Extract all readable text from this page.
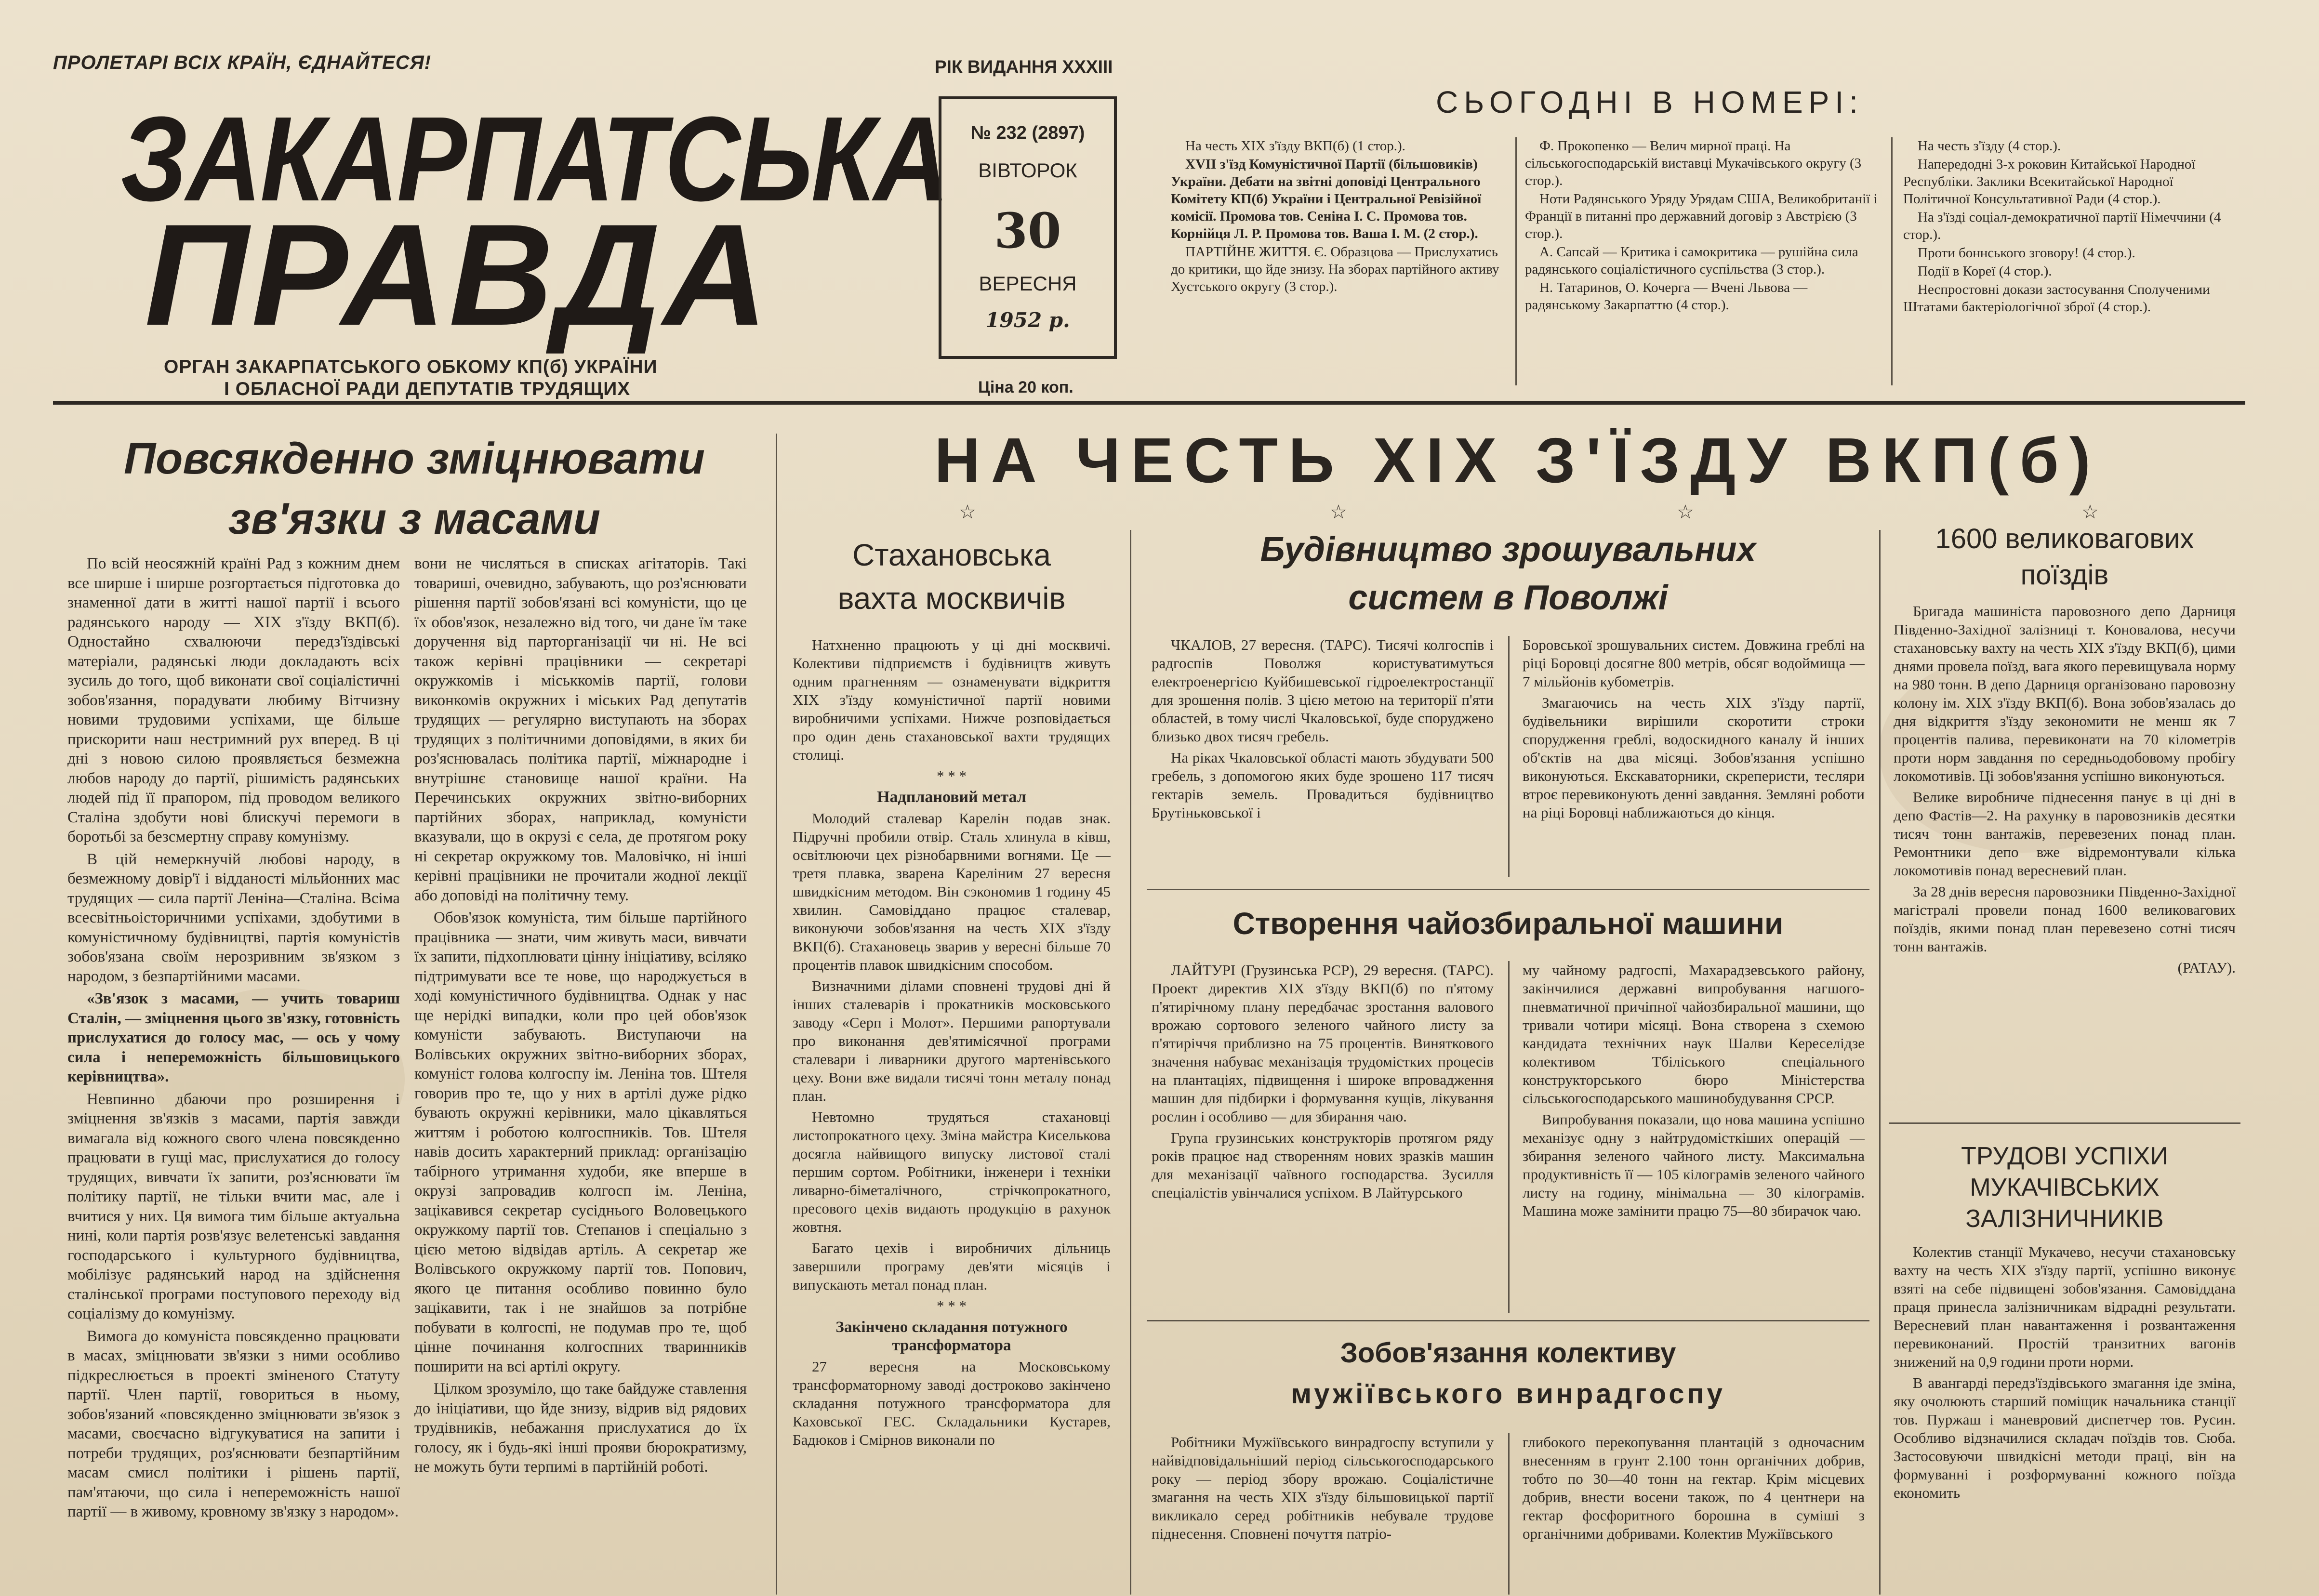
ПРОЛЕТАРІ ВСІХ КРАЇН, ЄДНАЙТЕСЯ!
ЗАКАРПАТСЬКА
ПРАВДА
ОРГАН ЗАКАРПАТСЬКОГО ОБКОМУ КП(б) УКРАЇНИ
І ОБЛАСНОЇ РАДИ ДЕПУТАТІВ ТРУДЯЩИХ
РІК ВИДАННЯ XXXIII
№ 232 (2897)
ВІВТОРОК
30
ВЕРЕСНЯ
1952 р.
Ціна 20 коп.
СЬОГОДНІ В НОМЕРІ:

На честь XIX з'їзду ВКП(б) (1 стор.).

XVII з'їзд Комуністичної Партії (більшовиків) України. Дебати на звітні доповіді Центрального Комітету КП(б) України і Центральної Ревізійної комісії. Промова тов. Сеніна І. С. Промова тов. Корнійця Л. Р. Промова тов. Ваша І. М. (2 стор.).

ПАРТІЙНЕ ЖИТТЯ. Є. Образцова — Прислухатись до критики, що йде знизу. На зборах партійного активу Хустського округу (3 стор.).

Ф. Прокопенко — Велич мирної праці. На сільськогосподарській виставці Мукачівського округу (3 стор.).

Ноти Радянського Уряду Урядам США, Великобританії і Франції в питанні про державний договір з Австрією (3 стор.).

А. Сапсай — Критика і самокритика — рушійна сила радянського соціалістичного суспільства (3 стор.).

Н. Татаринов, О. Кочерга — Вчені Львова — радянському Закарпаттю (4 стор.).

На честь з'їзду (4 стор.).

Напередодні 3-х роковин Китайської Народної Республіки. Заклики Всекитайської Народної Політичної Консультативної Ради (4 стор.).

На з'їзді соціал-демократичної партії Німеччини (4 стор.).

Проти боннського зговору! (4 стор.).

Події в Кореї (4 стор.).

Неспростовні докази застосування Сполученими Штатами бактеріологічної зброї (4 стор.).

Повсякденно зміцнювати
зв'язки з масами

По всій неосяжній країні Рад з кожним днем все ширше і ширше розгортається підготовка до знаменної дати в житті нашої партії і всього радянського народу — XIX з'їзду ВКП(б). Одностайно схвалюючи передз'їздівські матеріали, радянські люди докладають всіх зусиль до того, щоб виконати свої соціалістичні зобов'язання, порадувати любиму Вітчизну новими трудовими успіхами, ще більше прискорити наш нестримний рух вперед. В ці дні з новою силою проявляється безмежна любов народу до партії, рішимість радянських людей під її прапором, під проводом великого Сталіна здобути нові блискучі перемоги в боротьбі за безсмертну справу комунізму.

В цій немеркнучій любові народу, в безмежному довір'ї і відданості мільйонних мас трудящих — сила партії Леніна—Сталіна. Всіма всесвітньоісторичними успіхами, здобутими в комуністичному будівництві, партія комуністів зобов'язана своїм нерозривним зв'язком з народом, з безпартійними масами.

«Зв'язок з масами, — учить товариш Сталін, — зміцнення цього зв'язку, готовність прислухатися до голосу мас, — ось у чому сила і непереможність більшовицького керівництва».

Невпинно дбаючи про розширення і зміцнення зв'язків з масами, партія завжди вимагала від кожного свого члена повсякденно працювати в гущі мас, прислухатися до голосу трудящих, вивчати їх запити, роз'яснювати їм політику партії, не тільки вчити мас, але і вчитися у них. Ця вимога тим більше актуальна нині, коли партія розв'язує велетенські завдання господарського і культурного будівництва, мобілізує радянський народ на здійснення сталінської програми поступового переходу від соціалізму до комунізму.

Вимога до комуніста повсякденно працювати в масах, зміцнювати зв'язки з ними особливо підкреслюється в проекті зміненого Статуту партії. Член партії, говориться в ньому, зобов'язаний «повсякденно зміцнювати зв'язок з масами, своєчасно відгукуватися на запити і потреби трудящих, роз'яснювати безпартійним масам смисл політики і рішень партії, пам'ятаючи, що сила і непереможність нашої партії — в живому, кровному зв'язку з народом».

вони не числяться в списках агітаторів. Такі товариші, очевидно, забувають, що роз'яснювати рішення партії зобов'язані всі комуністи, що це їх обов'язок, незалежно від того, чи дане їм таке доручення від парторганізації чи ні. Не всі також керівні працівники — секретарі окружкомів і міськкомів партії, голови виконкомів окружних і міських Рад депутатів трудящих — регулярно виступають на зборах трудящих з політичними доповідями, в яких би роз'яснювалась політика партії, міжнародне і внутрішнє становище нашої країни. На Перечинських окружних звітно-виборних партійних зборах, наприклад, комуністи вказували, що в окрузі є села, де протягом року ні секретар окружкому тов. Маловічко, ні інші керівні працівники не прочитали жодної лекції або доповіді на політичну тему.

Обов'язок комуніста, тим більше партійного працівника — знати, чим живуть маси, вивчати їх запити, підхоплювати цінну ініціативу, всіляко підтримувати все те нове, що народжується в ході комуністичного будівництва. Однак у нас ще нерідкі випадки, коли про цей обов'язок комуністи забувають. Виступаючи на Волівських окружних звітно-виборних зборах, комуніст голова колгоспу ім. Леніна тов. Штеля говорив про те, що у них в артілі дуже рідко бувають окружні керівники, мало цікавляться життям і роботою колгоспників. Тов. Штеля навів досить характерний приклад: організацію табірного утримання худоби, яке вперше в окрузі запровадив колгосп ім. Леніна, зацікавився секретар сусіднього Воловецького окружкому партії тов. Степанов і спеціально з цією метою відвідав артіль. А секретар же Волівського окружкому партії тов. Попович, якого це питання особливо повинно було зацікавити, так і не знайшов за потрібне побувати в колгоспі, не подумав про те, щоб цінне починання колгоспних тваринників поширити на всі артілі округу.

Цілком зрозуміло, що таке байдуже ставлення до ініціативи, що йде знизу, відрив від рядових трудівників, небажання прислухатися до їх голосу, як і будь-які інші прояви бюрократизму, не можуть бути терпимі в партійній роботі.

НА ЧЕСТЬ XIX З'ЇЗДУ ВКП(б)
☆	☆	☆	☆
Стахановська
вахта москвичів

Натхненно працюють у ці дні москвичі. Колективи підприємств і будівництв живуть одним прагненням — ознаменувати відкриття XIX з'їзду комуністичної партії новими виробничими успіхами. Нижче розповідається про один день стахановської вахти трудящих столиці.

* * *

Надплановий метал

Молодий сталевар Карелін подав знак. Підручні пробили отвір. Сталь хлинула в ківш, освітлюючи цех різнобарвними вогнями. Це — третя плавка, зварена Кареліним 27 вересня швидкісним методом. Він сэкономив 1 годину 45 хвилин. Самовіддано працює сталевар, виконуючи зобов'язання на честь XIX з'їзду ВКП(б). Стахановець зварив у вересні більше 70 процентів плавок швидкісним способом.

Визначними ділами сповнені трудові дні й інших сталеварів і прокатників московського заводу «Серп і Молот». Першими рапортували про виконання дев'ятимісячної програми сталевари і ливарники другого мартенівського цеху. Вони вже видали тисячі тонн металу понад план.

Невтомно трудяться стахановці листопрокатного цеху. Зміна майстра Киселькова досягла найвищого випуску листової сталі першим сортом. Робітники, інженери і техніки ливарно-біметалічного, стрічкопрокатного, пресового цехів видають продукцію в рахунок жовтня.

Багато цехів і виробничих дільниць завершили програму дев'яти місяців і випускають метал понад план.

* * *

Закінчено складання потужного

трансформатора

27 вересня на Московському трансформаторному заводі достроково закінчено складання потужного трансформатора для Каховської ГЕС. Складальники Кустарев, Бадюков і Смірнов виконали по

Будівництво зрошувальних
систем в Поволжі

ЧКАЛОВ, 27 вересня. (ТАРС). Тисячі колгоспів і радгоспів Поволжя користуватимуться електроенергією Куйбишевської гідроелектростанції для зрошення полів. З цією метою на території п'яти областей, в тому числі Чкаловської, буде споруджено близько двох тисяч гребель.

На ріках Чкаловської області мають збудувати 500 гребель, з допомогою яких буде зрошено 117 тисяч гектарів земель. Провадиться будівництво Брутіньковської і

Боровської зрошувальних систем. Довжина греблі на ріці Боровці досягне 800 метрів, обсяг водоймища — 7 мільйонів кубометрів.

Змагаючись на честь XIX з'їзду партії, будівельники вирішили скоротити строки спорудження греблі, водоскидного каналу й інших об'єктів на два місяці. Зобов'язання успішно виконуються. Екскаваторники, скреперисти, тесляри втроє перевиконують денні завдання. Земляні роботи на ріці Боровці наближаються до кінця.

Створення чайозбиральної машини

ЛАЙТУРІ (Грузинська РСР), 29 вересня. (ТАРС). Проект директив XIX з'їзду ВКП(б) по п'ятому п'ятирічному плану передбачає зростання валового врожаю сортового зеленого чайного листу за п'ятиріччя приблизно на 75 процентів. Виняткового значення набуває механізація трудомістких процесів на плантаціях, підвищення і широке впровадження машин для підбирки і формування кущів, лікування рослин і особливо — для збирання чаю.

Група грузинських конструкторів протягом ряду років працює над створенням нових зразків машин для механізації чаївного господарства. Зусилля спеціалістів увінчалися успіхом. В Лайтурського

му чайному радгоспі, Махарадзевського району, закінчилися державні випробування нагшого-пневматичної причіпної чайозбиральної машини, що тривали чотири місяці. Вона створена з схемою кандидата технічних наук Шалви Кереселідзе колективом Тбіліського спеціального конструкторського бюро Міністерства сільськогосподарського машинобудування СРСР.

Випробування показали, що нова машина успішно механізує одну з найтрудомісткіших операцій — збирання зеленого чайного листу. Максимальна продуктивність її — 105 кілограмів зеленого чайного листу на годину, мінімальна — 30 кілограмів. Машина може замінити працю 75—80 збирачок чаю.

Зобов'язання колективу
мужіївського винрадгоспу

Робітники Мужіївського винрадгоспу вступили у найвідповідальніший період сільськогосподарського року — період збору врожаю. Соціалістичне змагання на честь XIX з'їзду більшовицької партії викликало серед робітників небувале трудове піднесення. Сповнені почуття патріо-

глибокого перекопування плантацій з одночасним внесенням в грунт 2.100 тонн органічних добрив, тобто по 30—40 тонн на гектар. Крім місцевих добрив, внести восени також, по 4 центнери на гектар фосфоритного борошна в суміші з органічними добривами. Колектив Мужіївського

1600 великовагових
поїздів

Бригада машиніста паровозного депо Дарниця Південно-Західної залізниці т. Коновалова, несучи стахановську вахту на честь XIX з'їзду ВКП(б), цими днями провела поїзд, вага якого перевищувала норму на 980 тонн. В депо Дарниця організовано паровозну колону ім. XIX з'їзду ВКП(б). Вона зобов'язалась до дня відкриття з'їзду зекономити не менш як 7 процентів палива, перевиконати на 70 кілометрів проти норм завдання по середньодобовому пробігу локомотивів. Ці зобов'язання успішно виконуються.

Велике виробниче піднесення панує в ці дні в депо Фастів—2. На рахунку в паровозників десятки тисяч тонн вантажів, перевезених понад план. Ремонтники депо вже відремонтували кілька локомотивів понад вересневий план.

За 28 днів вересня паровозники Південно-Західної магістралі провели понад 1600 великовагових поїздів, якими понад план перевезено сотні тисяч тонн вантажів.

(РАТАУ).

ТРУДОВІ УСПІХИ
МУКАЧІВСЬКИХ
ЗАЛІЗНИЧНИКІВ

Колектив станції Мукачево, несучи стахановську вахту на честь XIX з'їзду партії, успішно виконує взяті на себе підвищені зобов'язання. Самовіддана праця принесла залізничникам відрадні результати. Вересневий план навантаження і розвантаження перевиконаний. Простій транзитних вагонів знижений на 0,9 години проти норми.

В авангарді передз'їздівського змагання іде зміна, яку очолюють старший поміщик начальника станції тов. Пуржаш і маневровий диспетчер тов. Русин. Особливо відзначилися складач поїздів тов. Сюба. Застосовуючи швидкісні методи праці, він на формуванні і розформуванні кожного поїзда економить
